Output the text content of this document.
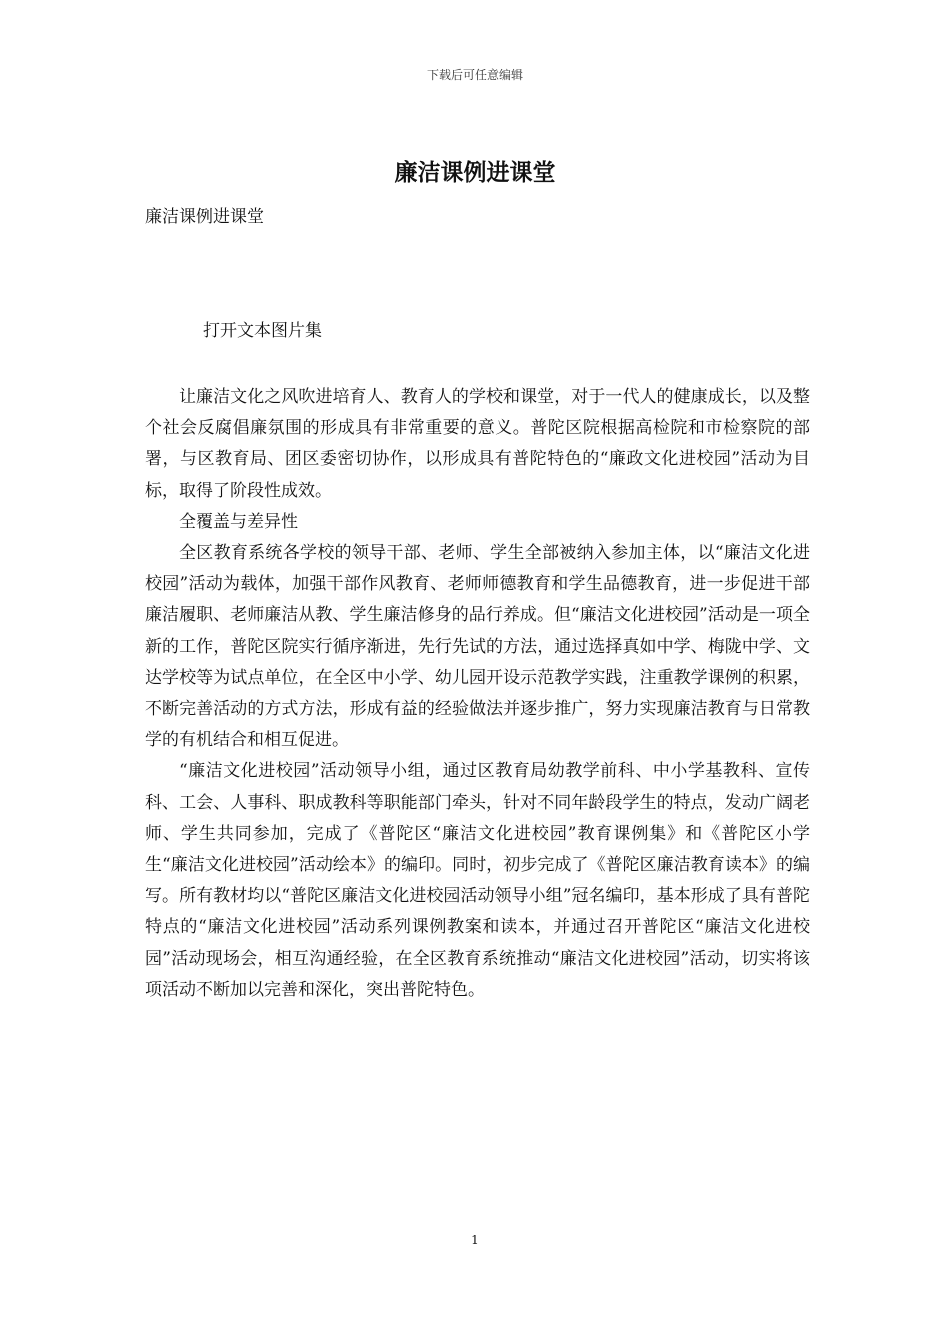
下载后可任意编辑
廉洁课例进课堂

廉洁课例进课堂

打开文本图片集

让廉洁文化之风吹进培育人、教育人的学校和课堂，对于一代人的健康成长，以及整个社会反腐倡廉氛围的形成具有非常重要的意义。普陀区院根据高检院和市检察院的部署，与区教育局、团区委密切协作，以形成具有普陀特色的“廉政文化进校园”活动为目标，取得了阶段性成效。

全覆盖与差异性

全区教育系统各学校的领导干部、老师、学生全部被纳入参加主体，以“廉洁文化进校园”活动为载体，加强干部作风教育、老师师德教育和学生品德教育，进一步促进干部廉洁履职、老师廉洁从教、学生廉洁修身的品行养成。但“廉洁文化进校园”活动是一项全新的工作，普陀区院实行循序渐进，先行先试的方法，通过选择真如中学、梅陇中学、文达学校等为试点单位，在全区中小学、幼儿园开设示范教学实践，注重教学课例的积累，不断完善活动的方式方法，形成有益的经验做法并逐步推广，努力实现廉洁教育与日常教学的有机结合和相互促进。

“廉洁文化进校园”活动领导小组，通过区教育局幼教学前科、中小学基教科、宣传科、工会、人事科、职成教科等职能部门牵头，针对不同年龄段学生的特点，发动广阔老师、学生共同参加，完成了《普陀区“廉洁文化进校园”教育课例集》和《普陀区小学生“廉洁文化进校园”活动绘本》的编印。同时，初步完成了《普陀区廉洁教育读本》的编写。所有教材均以“普陀区廉洁文化进校园活动领导小组”冠名编印，基本形成了具有普陀特点的“廉洁文化进校园”活动系列课例教案和读本，并通过召开普陀区“廉洁文化进校园”活动现场会，相互沟通经验，在全区教育系统推动“廉洁文化进校园”活动，切实将该项活动不断加以完善和深化，突出普陀特色。

1
